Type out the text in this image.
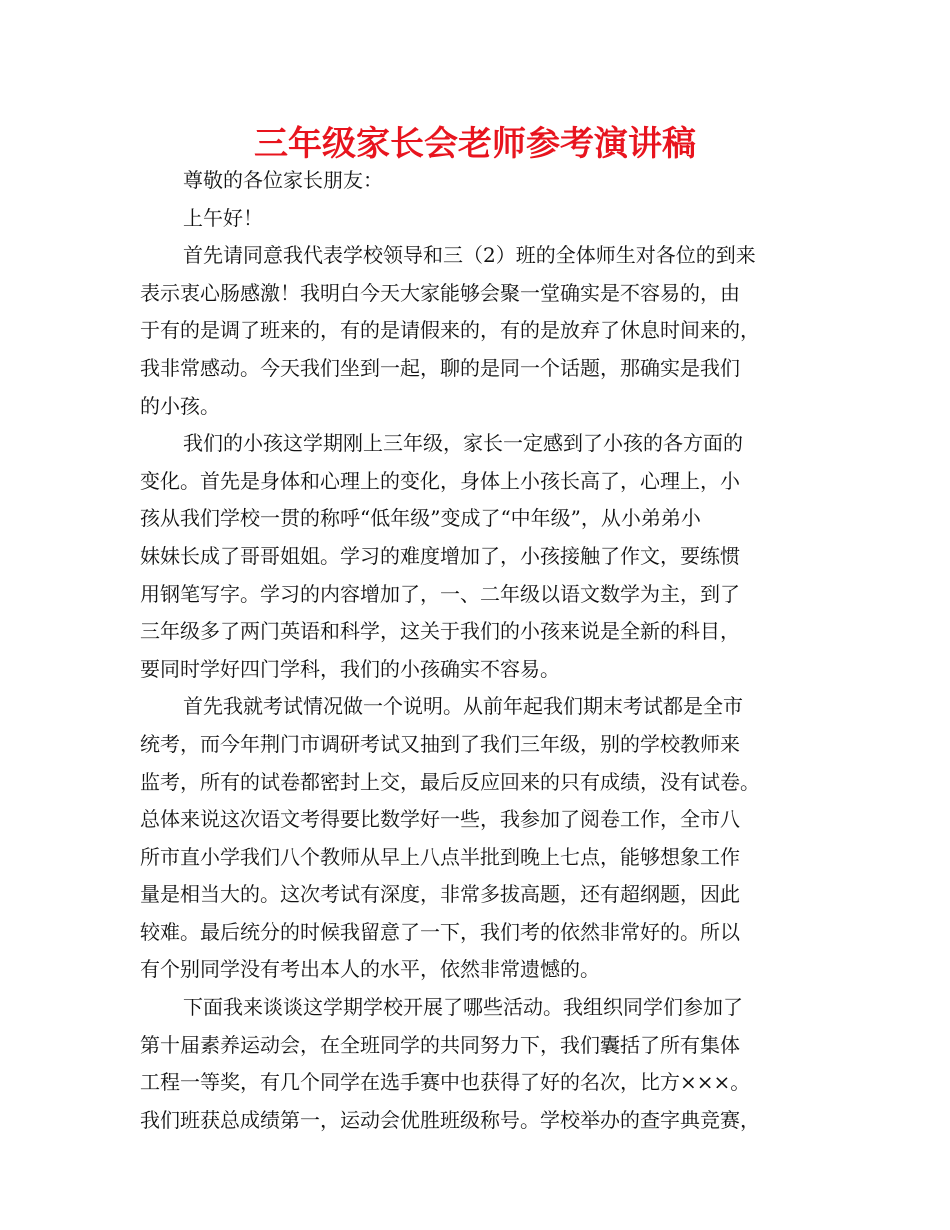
三年级家长会老师参考演讲稿
尊敬的各位家长朋友：
上午好！
首先请同意我代表学校领导和三（2）班的全体师生对各位的到来
表示衷心肠感激！我明白今天大家能够会聚一堂确实是不容易的，由
于有的是调了班来的，有的是请假来的，有的是放弃了休息时间来的，
我非常感动。今天我们坐到一起，聊的是同一个话题，那确实是我们
的小孩。
我们的小孩这学期刚上三年级，家长一定感到了小孩的各方面的
变化。首先是身体和心理上的变化，身体上小孩长高了，心理上，小
孩从我们学校一贯的称呼“低年级”变成了“中年级”，从小弟弟小
妹妹长成了哥哥姐姐。学习的难度增加了，小孩接触了作文，要练惯
用钢笔写字。学习的内容增加了，一、二年级以语文数学为主，到了
三年级多了两门英语和科学，这关于我们的小孩来说是全新的科目，
要同时学好四门学科，我们的小孩确实不容易。
首先我就考试情况做一个说明。从前年起我们期末考试都是全市
统考，而今年荆门市调研考试又抽到了我们三年级，别的学校教师来
监考，所有的试卷都密封上交，最后反应回来的只有成绩，没有试卷。
总体来说这次语文考得要比数学好一些，我参加了阅卷工作，全市八
所市直小学我们八个教师从早上八点半批到晚上七点，能够想象工作
量是相当大的。这次考试有深度，非常多拔高题，还有超纲题，因此
较难。最后统分的时候我留意了一下，我们考的依然非常好的。所以
有个别同学没有考出本人的水平，依然非常遗憾的。
下面我来谈谈这学期学校开展了哪些活动。我组织同学们参加了
第十届素养运动会，在全班同学的共同努力下，我们囊括了所有集体
工程一等奖，有几个同学在选手赛中也获得了好的名次，比方×××。
我们班获总成绩第一，运动会优胜班级称号。学校举办的查字典竞赛，
